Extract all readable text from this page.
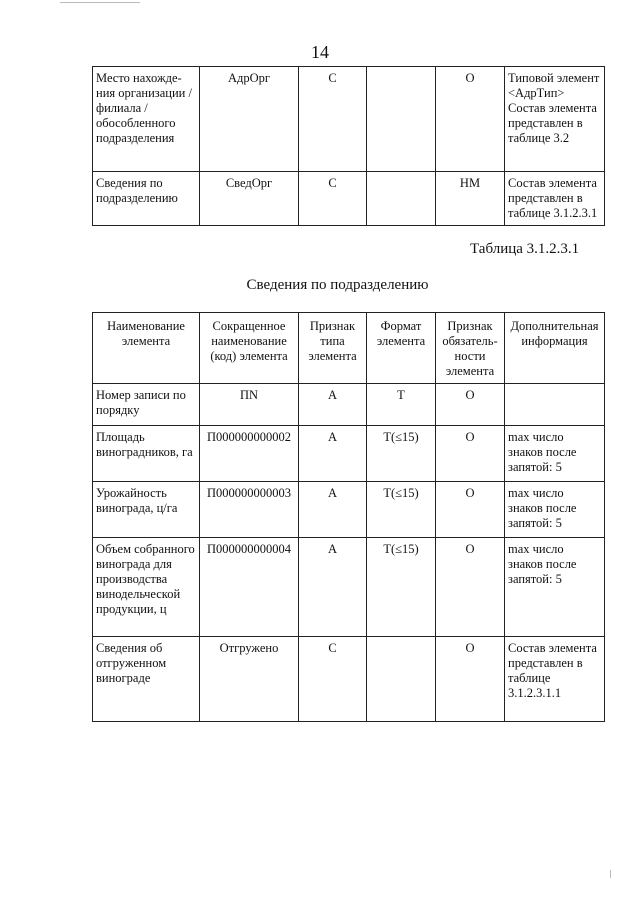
14
Место нахожде-ния организации / филиала / обособленного подразделения	АдрОрг	С		О	Типовой элемент <АдрТип> Состав элемента представлен в таблице 3.2
Сведения по подразделению	СведОрг	С		НМ	Состав элемента представлен в таблице 3.1.2.3.1
Таблица 3.1.2.3.1
Сведения по подразделению
Наименование элемента	Сокращенное наименование (код) элемента	Признак типа элемента	Формат элемента	Признак обязатель-ности элемента	Дополнительная информация
Номер записи по порядку	ПN	А	Т	О	
Площадь виноградников, га	П000000000002	А	Т(≤15)	О	max число знаков после запятой: 5
Урожайность винограда, ц/га	П000000000003	А	Т(≤15)	О	max число знаков после запятой: 5
Объем собранного винограда для производства винодельческой продукции, ц	П000000000004	А	Т(≤15)	О	max число знаков после запятой: 5
Сведения об отгруженном винограде	Отгружено	С		О	Состав элемента представлен в таблице 3.1.2.3.1.1
